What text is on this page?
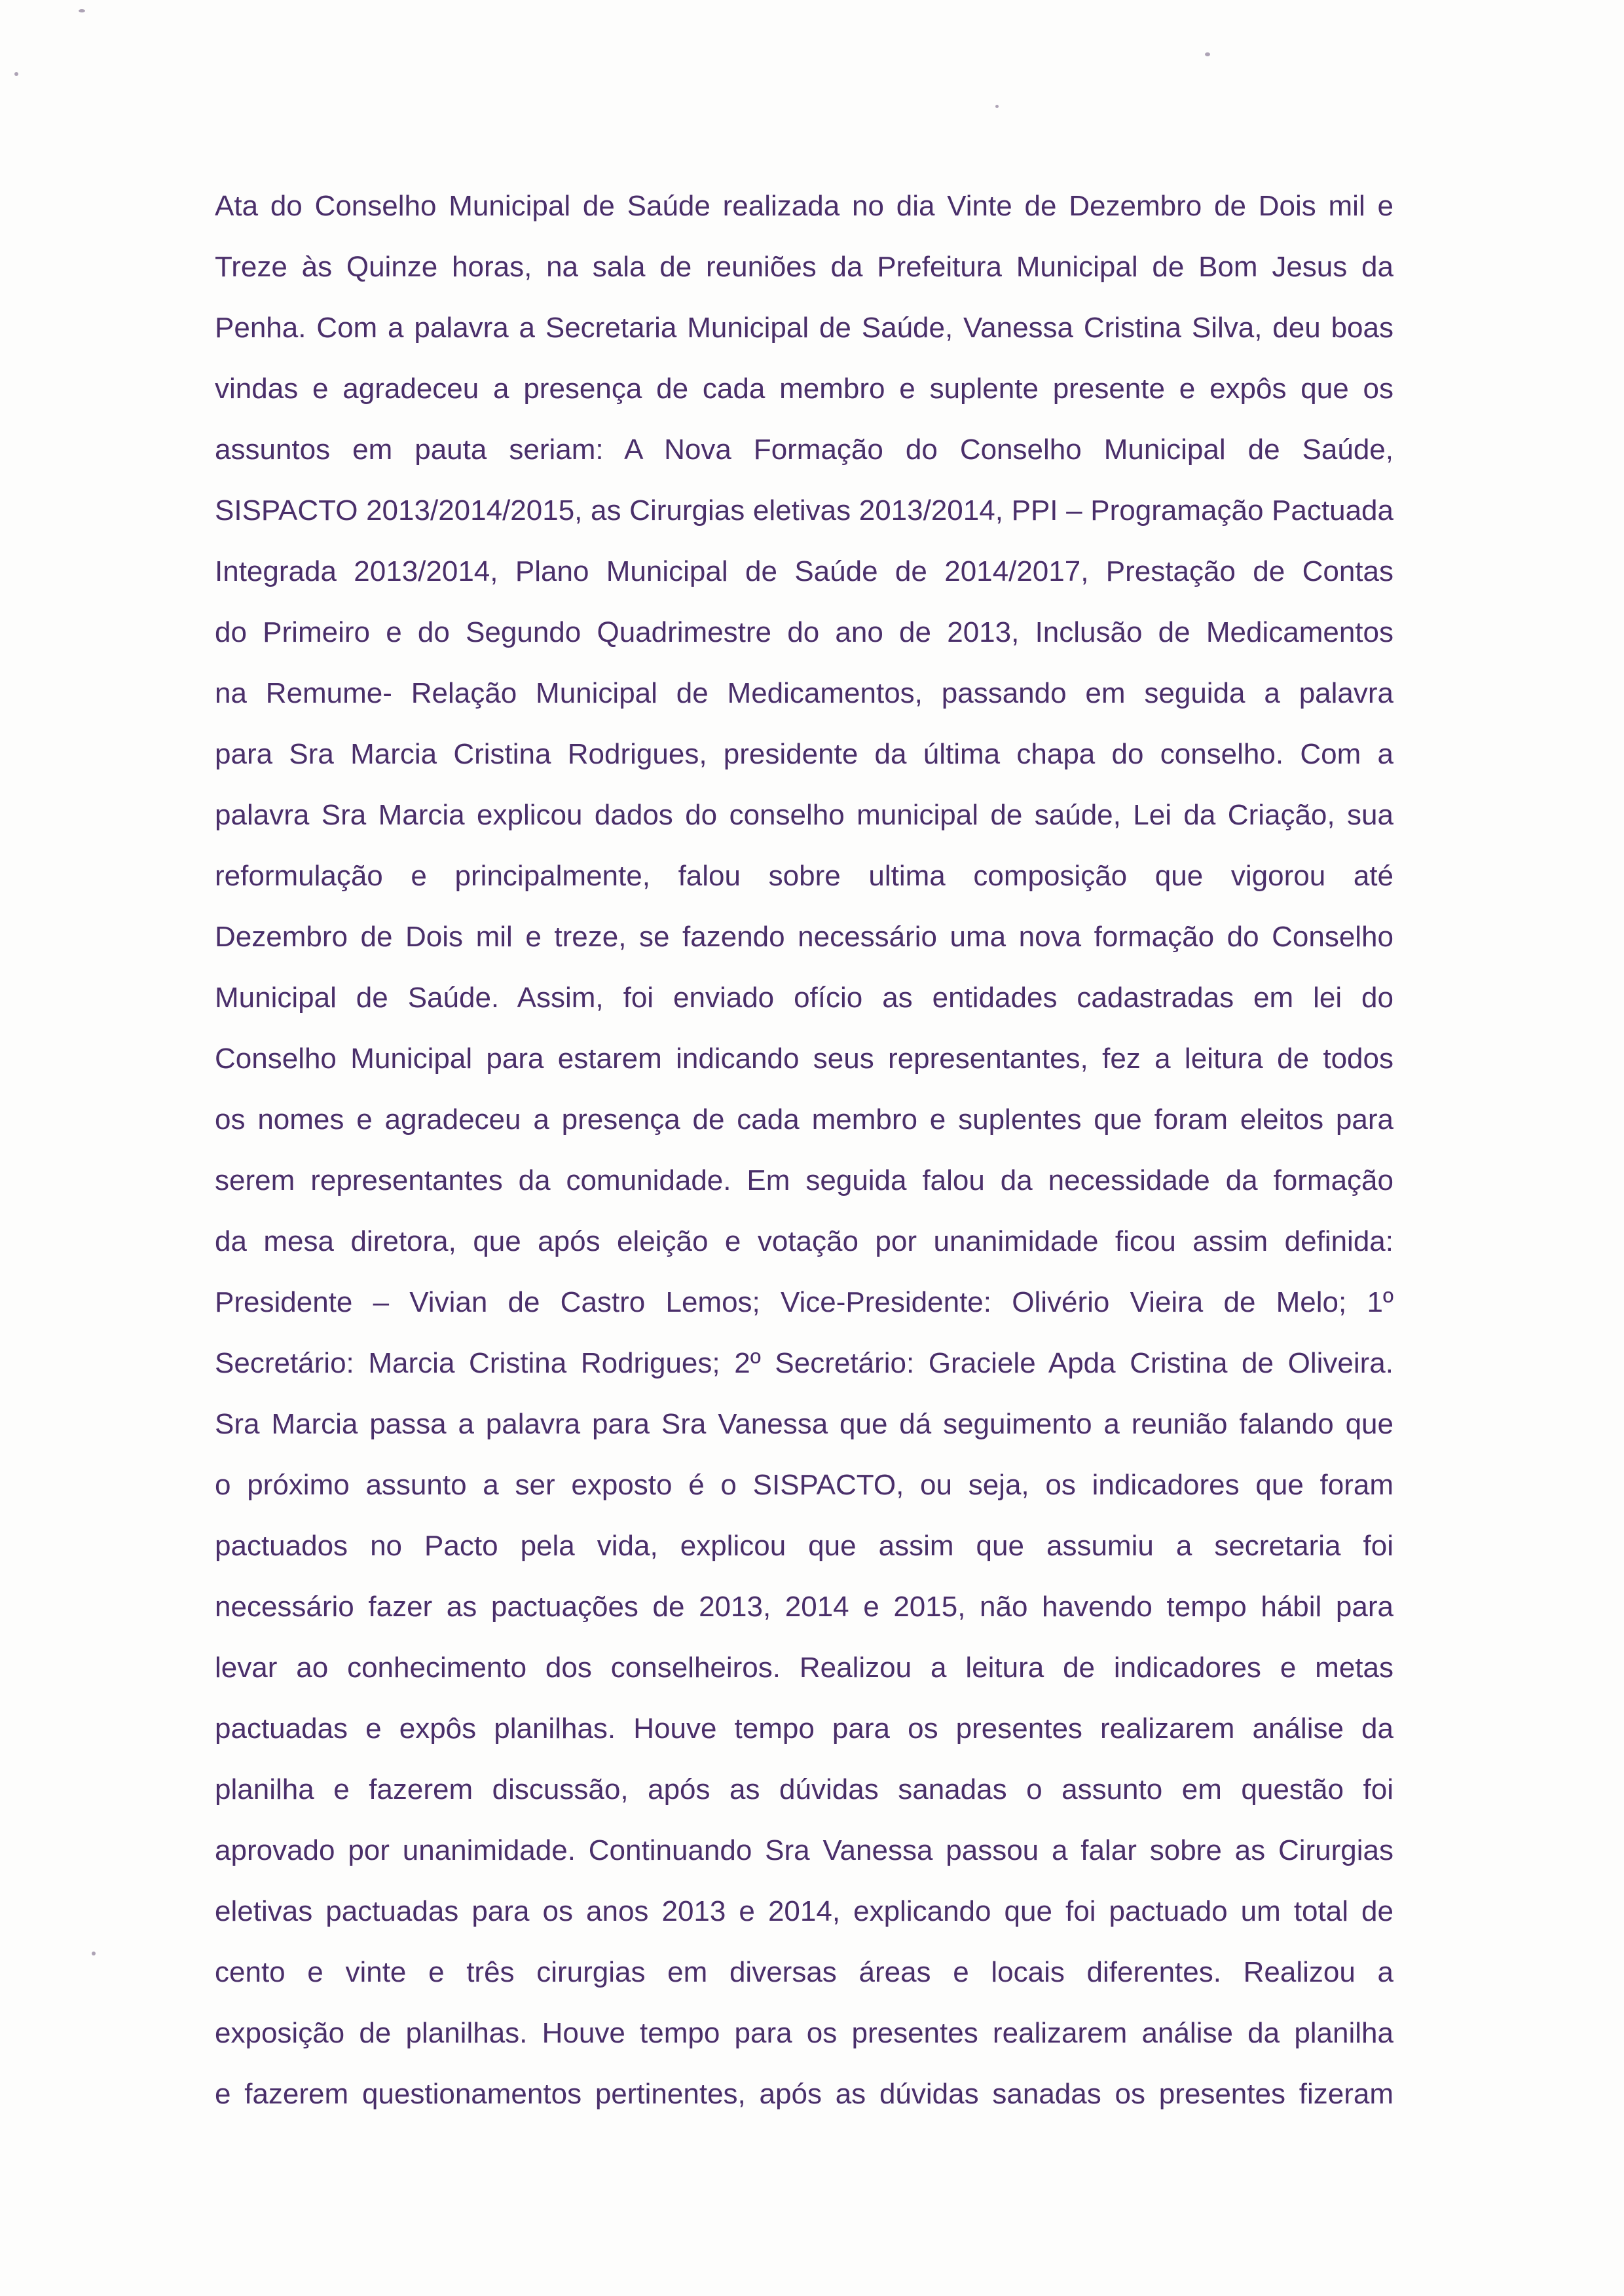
Ata do Conselho Municipal de Saúde realizada no dia Vinte de Dezembro de Dois mil e
Treze às Quinze horas, na sala de reuniões da Prefeitura Municipal de Bom Jesus da
Penha. Com a palavra a Secretaria Municipal de Saúde, Vanessa Cristina Silva, deu boas
vindas e agradeceu a presença de cada membro e suplente presente e expôs que os
assuntos em pauta seriam: A Nova Formação do Conselho Municipal de Saúde,
SISPACTO 2013/2014/2015, as Cirurgias eletivas 2013/2014, PPI – Programação Pactuada
Integrada 2013/2014, Plano Municipal de Saúde de 2014/2017, Prestação de Contas
do Primeiro e do Segundo Quadrimestre do ano de 2013, Inclusão de Medicamentos
na Remume- Relação Municipal de Medicamentos, passando em seguida a palavra
para Sra Marcia Cristina Rodrigues, presidente da última chapa do conselho. Com a
palavra Sra Marcia explicou dados do conselho municipal de saúde, Lei da Criação, sua
reformulação e principalmente, falou sobre ultima composição que vigorou até
Dezembro de Dois mil e treze, se fazendo necessário uma nova formação do Conselho
Municipal de Saúde. Assim, foi enviado ofício as entidades cadastradas em lei do
Conselho Municipal para estarem indicando seus representantes, fez a leitura de todos
os nomes e agradeceu a presença de cada membro e suplentes que foram eleitos para
serem representantes da comunidade. Em seguida falou da necessidade da formação
da mesa diretora, que após eleição e votação por unanimidade ficou assim definida:
Presidente – Vivian de Castro Lemos; Vice-Presidente: Olivério Vieira de Melo; 1º
Secretário: Marcia Cristina Rodrigues; 2º Secretário: Graciele Apda Cristina de Oliveira.
Sra Marcia passa a palavra para Sra Vanessa que dá seguimento a reunião falando que
o próximo assunto a ser exposto é o SISPACTO, ou seja, os indicadores que foram
pactuados no Pacto pela vida, explicou que assim que assumiu a secretaria foi
necessário fazer as pactuações de 2013, 2014 e 2015, não havendo tempo hábil para
levar ao conhecimento dos conselheiros. Realizou a leitura de indicadores e metas
pactuadas e expôs planilhas. Houve tempo para os presentes realizarem análise da
planilha e fazerem discussão, após as dúvidas sanadas o assunto em questão foi
aprovado por unanimidade. Continuando Sra Vanessa passou a falar sobre as Cirurgias
eletivas pactuadas para os anos 2013 e 2014, explicando que foi pactuado um total de
cento e vinte e três cirurgias em diversas áreas e locais diferentes. Realizou a
exposição de planilhas. Houve tempo para os presentes realizarem análise da planilha
e fazerem questionamentos pertinentes, após as dúvidas sanadas os presentes fizeram
